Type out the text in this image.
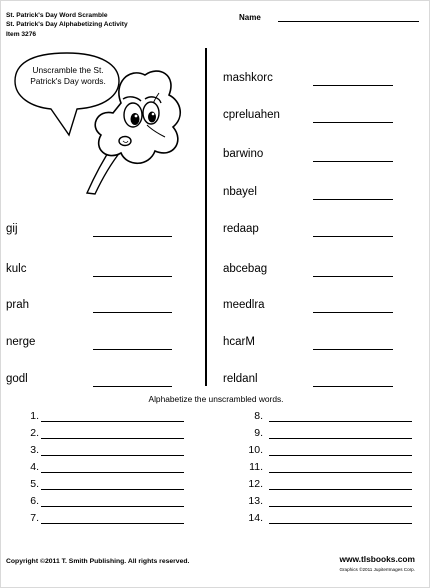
St. Patrick's Day Word Scramble
St. Patrick's Day Alphabetizing Activity
Item 3276
Name
Unscramble the St. Patrick's Day words.
gij
kulc
prah
nerge
godl
mashkorc
cpreluahen
barwino
nbayel
redaap
abcebag
meedlra
hcarM
reldanl
Alphabetize the unscrambled words.
1.
2.
3.
4.
5.
6.
7.
8.
9.
10.
11.
12.
13.
14.
Copyright ©2011 T. Smith Publishing. All rights reserved.	www.tlsbooks.com
Graphics ©2011 JupiterImages Corp.
